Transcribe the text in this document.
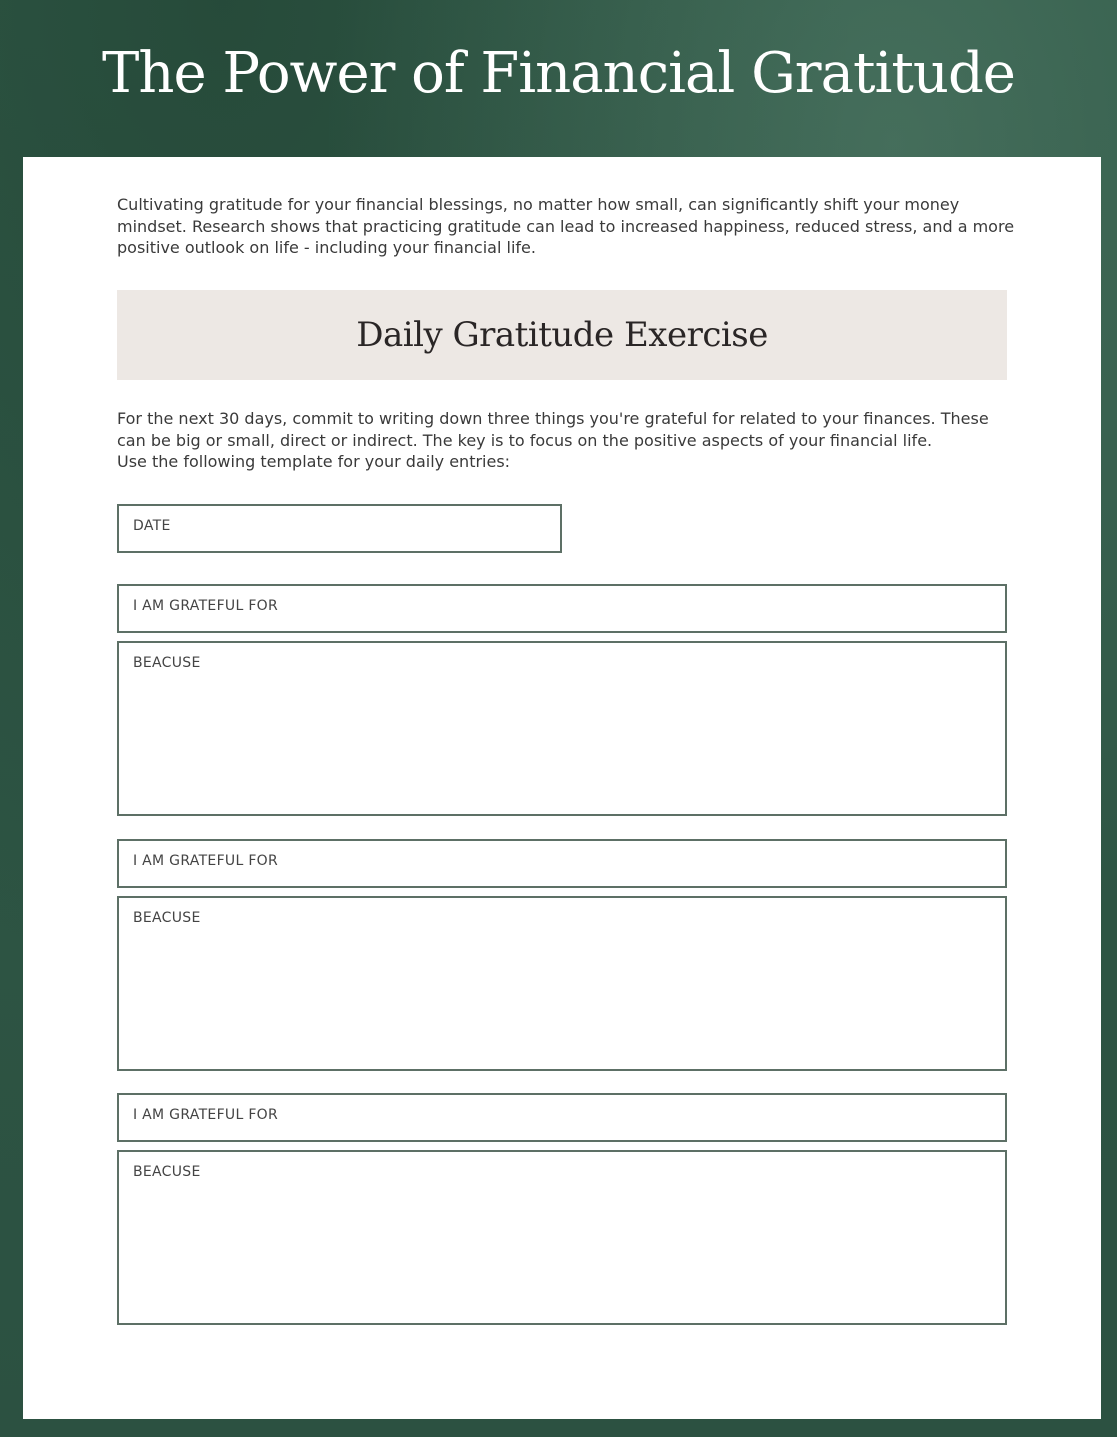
The Power of Financial Gratitude

Cultivating gratitude for your financial blessings, no matter how small, can significantly shift your money mindset. Research shows that practicing gratitude can lead to increased happiness, reduced stress, and a more positive outlook on life - including your financial life.

Daily Gratitude Exercise

For the next 30 days, commit to writing down three things you're grateful for related to your finances. These can be big or small, direct or indirect. The key is to focus on the positive aspects of your financial life.
Use the following template for your daily entries:

DATE
I AM GRATEFUL FOR
BEACUSE
I AM GRATEFUL FOR
BEACUSE
I AM GRATEFUL FOR
BEACUSE
